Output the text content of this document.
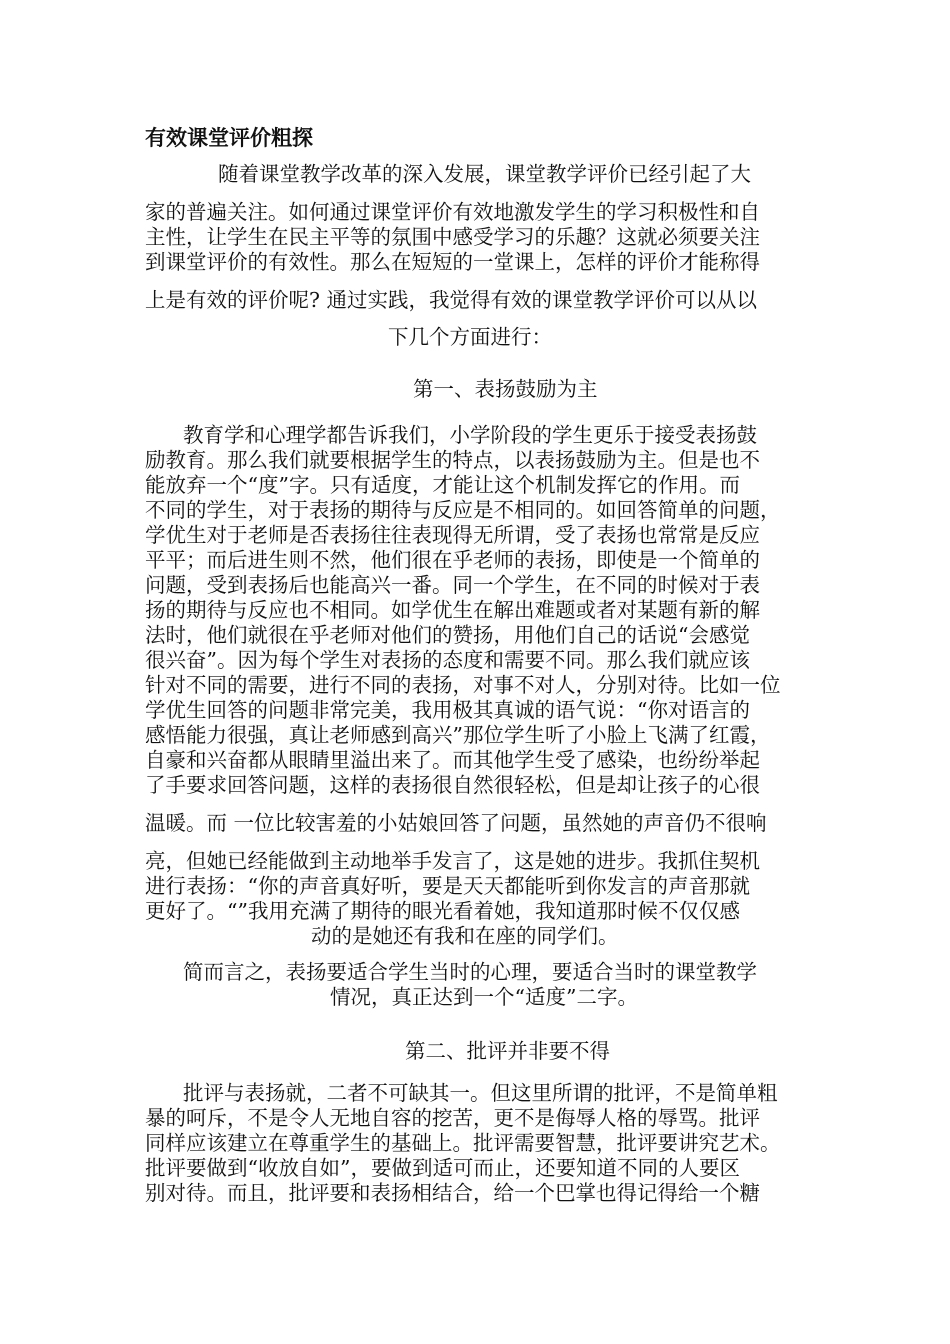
有效课堂评价粗探
随着课堂教学改革的深入发展，课堂教学评价已经引起了大
家的普遍关注。如何通过课堂评价有效地激发学生的学习积极性和自
主性，让学生在民主平等的氛围中感受学习的乐趣？这就必须要关注
到课堂评价的有效性。那么在短短的一堂课上，怎样的评价才能称得
上是有效的评价呢? 通过实践，我觉得有效的课堂教学评价可以从以
下几个方面进行：
第一、表扬鼓励为主
教育学和心理学都告诉我们，小学阶段的学生更乐于接受表扬鼓
励教育。那么我们就要根据学生的特点，以表扬鼓励为主。但是也不
能放弃一个“度”字。只有适度，才能让这个机制发挥它的作用。而
不同的学生，对于表扬的期待与反应是不相同的。如回答简单的问题，
学优生对于老师是否表扬往往表现得无所谓，受了表扬也常常是反应
平平；而后进生则不然，他们很在乎老师的表扬，即使是一个简单的
问题，受到表扬后也能高兴一番。同一个学生，在不同的时候对于表
扬的期待与反应也不相同。如学优生在解出难题或者对某题有新的解
法时，他们就很在乎老师对他们的赞扬，用他们自己的话说“会感觉
很兴奋”。因为每个学生对表扬的态度和需要不同。那么我们就应该
针对不同的需要，进行不同的表扬，对事不对人，分别对待。比如一位
学优生回答的问题非常完美，我用极其真诚的语气说：“你对语言的
感悟能力很强，真让老师感到高兴”那位学生听了小脸上飞满了红霞，
自豪和兴奋都从眼睛里溢出来了。而其他学生受了感染，也纷纷举起
了手要求回答问题，这样的表扬很自然很轻松，但是却让孩子的心很
温暖。而 一位比较害羞的小姑娘回答了问题，虽然她的声音仍不很响
亮，但她已经能做到主动地举手发言了，这是她的进步。我抓住契机
进行表扬：“你的声音真好听，要是天天都能听到你发言的声音那就
更好了。“”我用充满了期待的眼光看着她，我知道那时候不仅仅感
动的是她还有我和在座的同学们。
简而言之，表扬要适合学生当时的心理，要适合当时的课堂教学
情况，真正达到一个“适度”二字。
第二、批评并非要不得
批评与表扬就，二者不可缺其一。但这里所谓的批评，不是简单粗
暴的呵斥，不是令人无地自容的挖苦，更不是侮辱人格的辱骂。批评
同样应该建立在尊重学生的基础上。批评需要智慧，批评要讲究艺术。
批评要做到“收放自如”，要做到适可而止，还要知道不同的人要区
别对待。而且，批评要和表扬相结合，给一个巴掌也得记得给一个糖
